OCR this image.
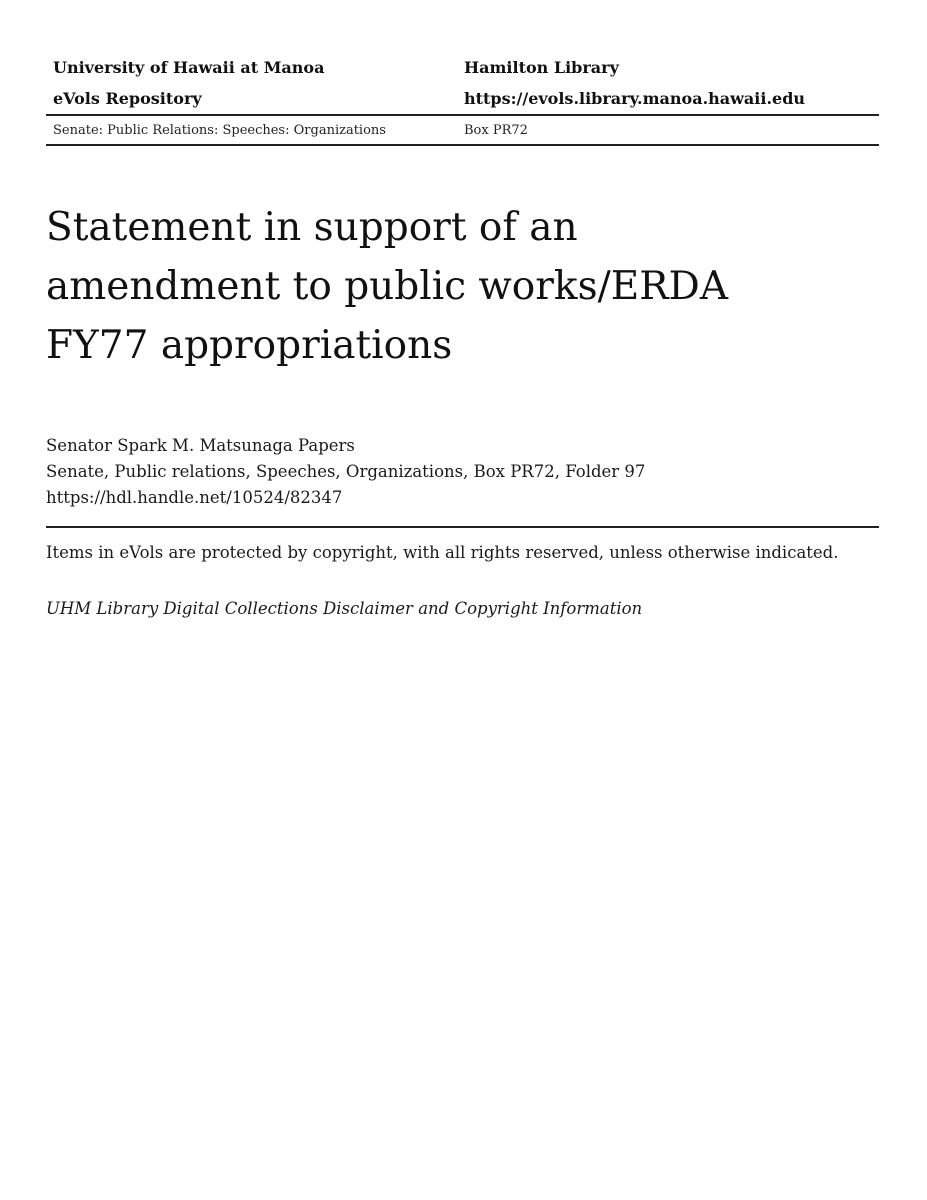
University of Hawaii at Manoa	Hamilton Library
eVols Repository	https://evols.library.manoa.hawaii.edu
Senate: Public Relations: Speeches: Organizations	Box PR72
Statement in support of an amendment to public works/ERDA FY77 appropriations
Senator Spark M. Matsunaga Papers
Senate, Public relations, Speeches, Organizations, Box PR72, Folder 97
https://hdl.handle.net/10524/82347
Items in eVols are protected by copyright, with all rights reserved, unless otherwise indicated.
UHM Library Digital Collections Disclaimer and Copyright Information
